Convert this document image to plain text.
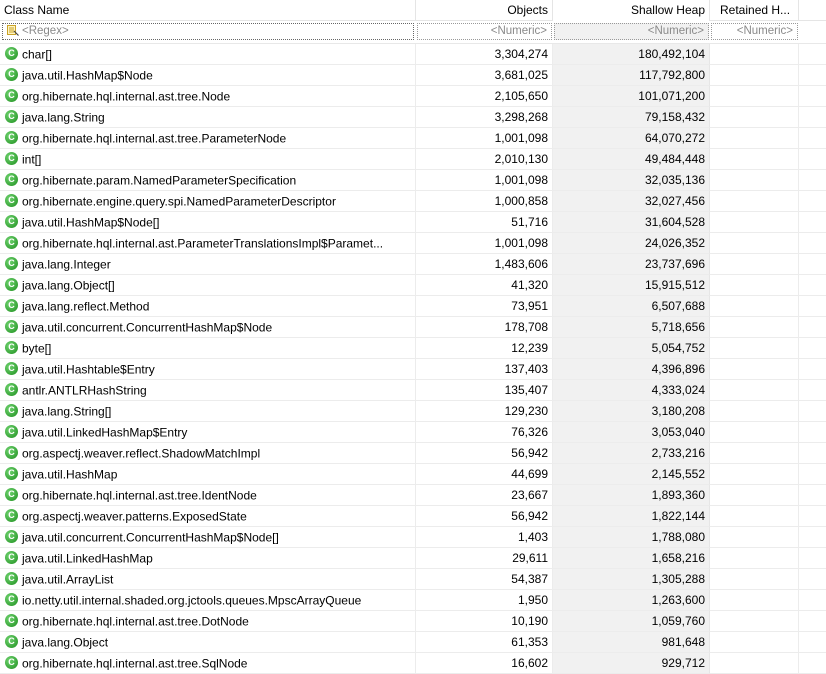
Class Name	Objects	Shallow Heap	Retained H...
<Regex>	<Numeric>	<Numeric>	<Numeric>
C char[]	3,304,274	180,492,104
C java.util.HashMap$Node	3,681,025	117,792,800
C org.hibernate.hql.internal.ast.tree.Node	2,105,650	101,071,200
C java.lang.String	3,298,268	79,158,432
C org.hibernate.hql.internal.ast.tree.ParameterNode	1,001,098	64,070,272
C int[]	2,010,130	49,484,448
C org.hibernate.param.NamedParameterSpecification	1,001,098	32,035,136
C org.hibernate.engine.query.spi.NamedParameterDescriptor	1,000,858	32,027,456
C java.util.HashMap$Node[]	51,716	31,604,528
C org.hibernate.hql.internal.ast.ParameterTranslationsImpl$Paramet...	1,001,098	24,026,352
C java.lang.Integer	1,483,606	23,737,696
C java.lang.Object[]	41,320	15,915,512
C java.lang.reflect.Method	73,951	6,507,688
C java.util.concurrent.ConcurrentHashMap$Node	178,708	5,718,656
C byte[]	12,239	5,054,752
C java.util.Hashtable$Entry	137,403	4,396,896
C antlr.ANTLRHashString	135,407	4,333,024
C java.lang.String[]	129,230	3,180,208
C java.util.LinkedHashMap$Entry	76,326	3,053,040
C org.aspectj.weaver.reflect.ShadowMatchImpl	56,942	2,733,216
C java.util.HashMap	44,699	2,145,552
C org.hibernate.hql.internal.ast.tree.IdentNode	23,667	1,893,360
C org.aspectj.weaver.patterns.ExposedState	56,942	1,822,144
C java.util.concurrent.ConcurrentHashMap$Node[]	1,403	1,788,080
C java.util.LinkedHashMap	29,611	1,658,216
C java.util.ArrayList	54,387	1,305,288
C io.netty.util.internal.shaded.org.jctools.queues.MpscArrayQueue	1,950	1,263,600
C org.hibernate.hql.internal.ast.tree.DotNode	10,190	1,059,760
C java.lang.Object	61,353	981,648
C org.hibernate.hql.internal.ast.tree.SqlNode	16,602	929,712
